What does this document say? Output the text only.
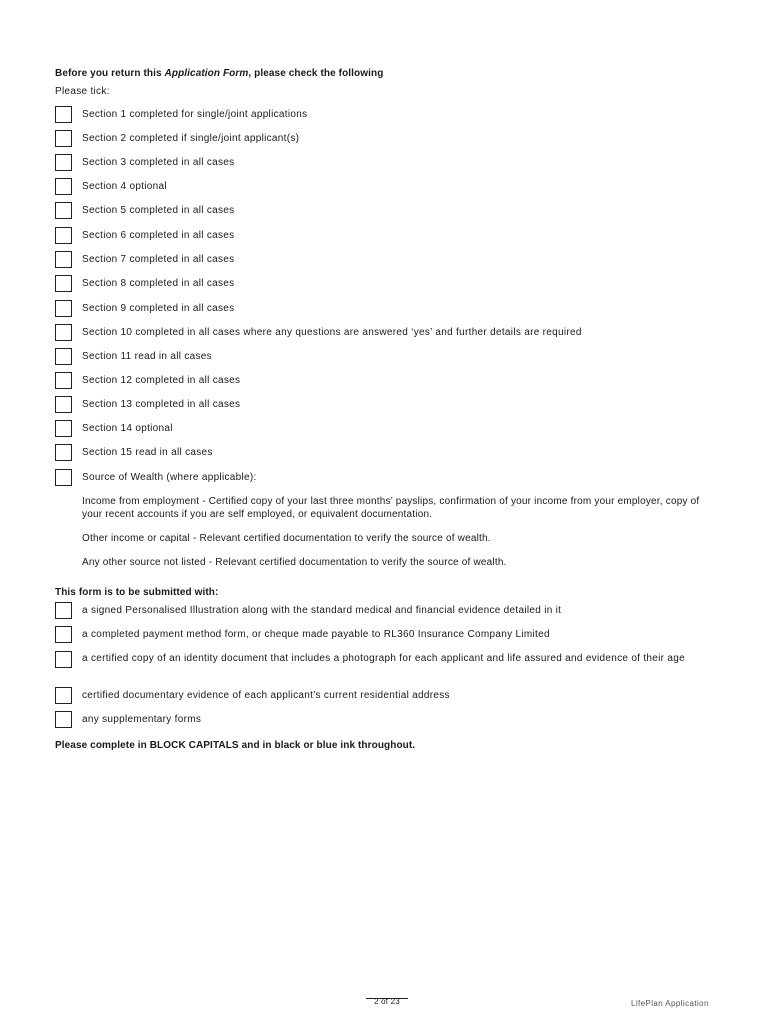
Before you return this Application Form, please check the following
Please tick:
Section 1 completed for single/joint applications
Section 2 completed if single/joint applicant(s)
Section 3 completed in all cases
Section 4 optional
Section 5 completed in all cases
Section 6 completed in all cases
Section 7 completed in all cases
Section 8 completed in all cases
Section 9 completed in all cases
Section 10 completed in all cases where any questions are answered ‘yes’ and further details are required
Section 11 read in all cases
Section 12 completed in all cases
Section 13 completed in all cases
Section 14 optional
Section 15 read in all cases
Source of Wealth (where applicable):
Income from employment - Certified copy of your last three months’ payslips, confirmation of your income from your employer, copy of your recent accounts if you are self employed, or equivalent documentation.
Other income or capital - Relevant certified documentation to verify the source of wealth.
Any other source not listed - Relevant certified documentation to verify the source of wealth.
This form is to be submitted with:
a signed Personalised Illustration along with the standard medical and financial evidence detailed in it
a completed payment method form, or cheque made payable to RL360 Insurance Company Limited
a certified copy of an identity document that includes a photograph for each applicant and life assured and evidence of their age
certified documentary evidence of each applicant’s current residential address
any supplementary forms
Please complete in BLOCK CAPITALS and in black or blue ink throughout.
2 of 23	LifePlan Application
